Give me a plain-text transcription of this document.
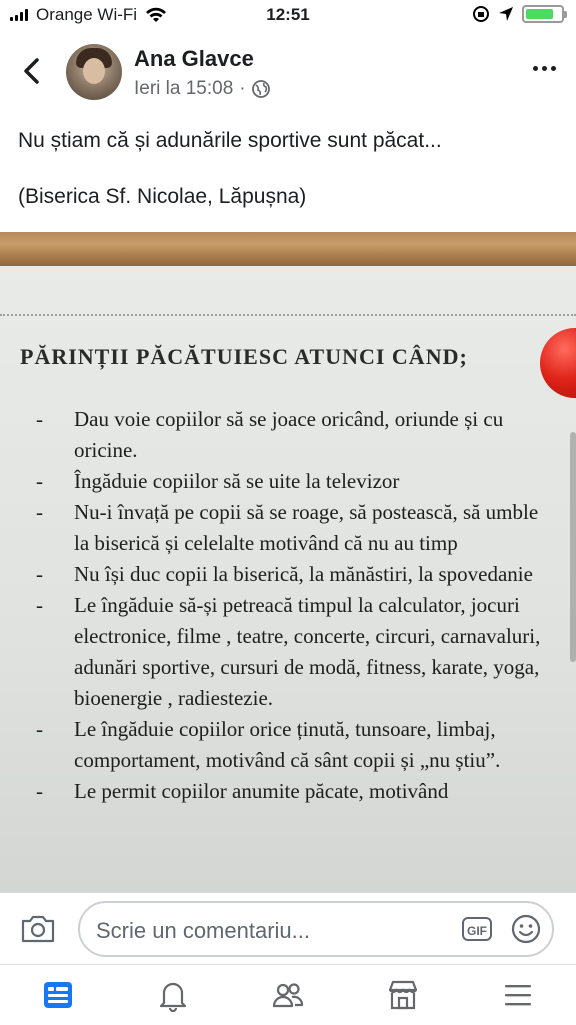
Orange Wi-Fi	12:51
Ana Glavce
Ieri la 15:08 ·

Nu știam că și adunările sportive sunt păcat...

(Biserica Sf. Nicolae, Lăpușna)

PĂRINȚII PĂCĂTUIESC ATUNCI CÂND;
- Dau voie copiilor să se joace oricând, oriunde și cu oricine.
- Îngăduie copiilor să se uite la televizor
- Nu-i învață pe copii să se roage, să postească, să umble la biserică și celelalte motivând că nu au timp
- Nu își duc copii la biserică, la mănăstiri, la spovedanie
- Le îngăduie să-și petreacă timpul la calculator, jocuri electronice, filme , teatre, concerte, circuri, carnavaluri, adunări sportive, cursuri de modă, fitness, karate, yoga, bioenergie , radiestezie.
- Le îngăduie copiilor orice ținută, tunsoare, limbaj, comportament, motivând că sânt copii și „nu știu”.
- Le permit copiilor anumite păcate, motivând
Scrie un comentariu...	GIF
